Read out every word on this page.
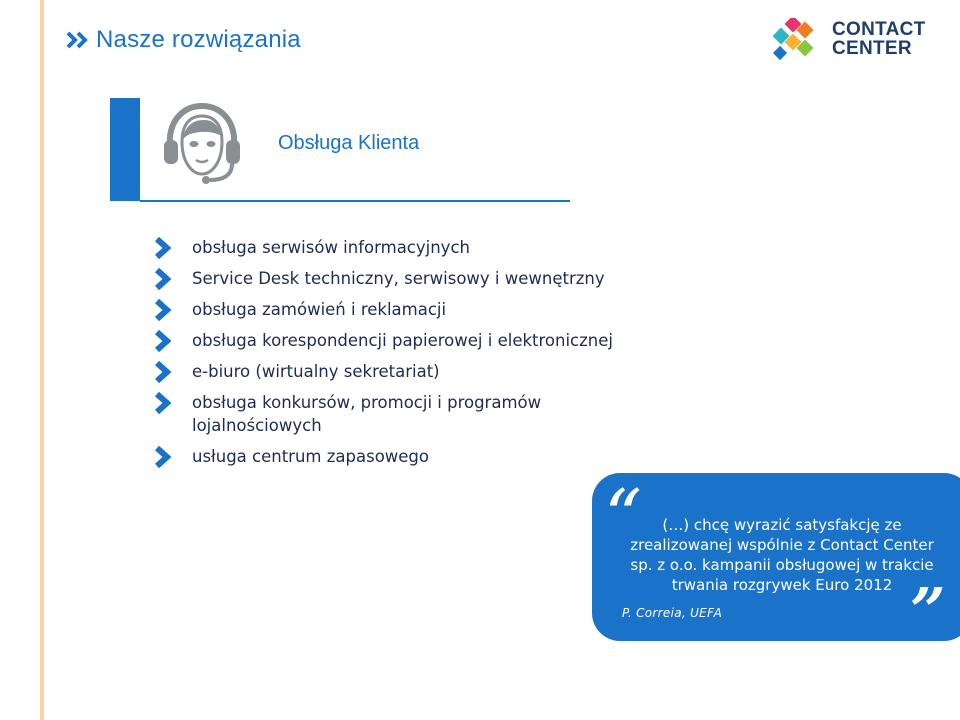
Nasze rozwiązania	CONTACT
CENTER
Obsługa Klienta
obsługa serwisów informacyjnych
Service Desk techniczny, serwisowy i wewnętrzny
obsługa zamówień i reklamacji
obsługa korespondencji papierowej i elektronicznej
e-biuro (wirtualny sekretariat)
obsługa konkursów, promocji i programów
lojalnościowych
usługa centrum zapasowego
“	(…) chcę wyrazić satysfakcję ze
zrealizowanej wspólnie z Contact Center
sp. z o.o. kampanii obsługowej w trakcie
trwania rozgrywek Euro 2012
P. Correia, UEFA	”
